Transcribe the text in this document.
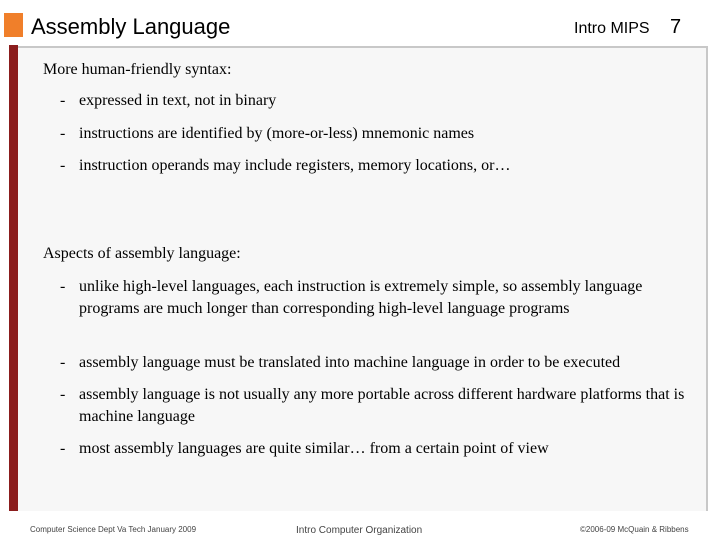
Assembly Language	Intro MIPS 7
More human-friendly syntax:
- expressed in text, not in binary
- instructions are identified by (more-or-less) mnemonic names
- instruction operands may include registers, memory locations, or…
Aspects of assembly language:
- unlike high-level languages, each instruction is extremely simple, so assembly language programs are much longer than corresponding high-level language programs
- assembly language must be translated into machine language in order to be executed
- assembly language is not usually any more portable across different hardware platforms that is machine language
- most assembly languages are quite similar… from a certain point of view
Computer Science Dept Va Tech January 2009	Intro Computer Organization	©2006-09 McQuain & Ribbens
